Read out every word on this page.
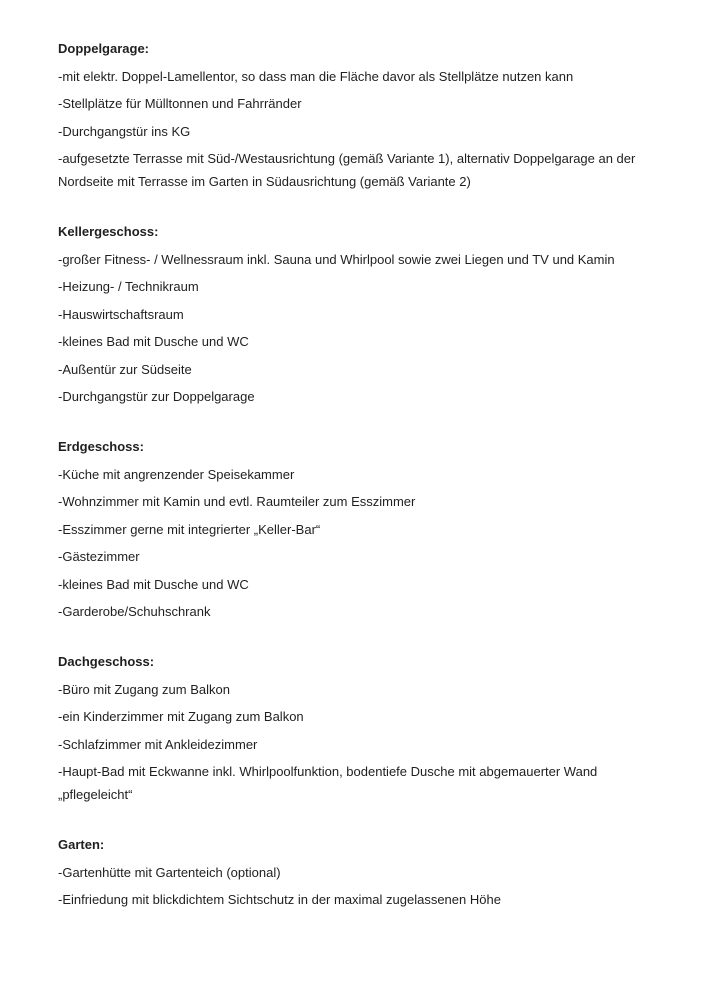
Doppelgarage:

-mit elektr. Doppel-Lamellentor, so dass man die Fläche davor als Stellplätze nutzen kann

-Stellplätze für Mülltonnen und Fahrränder

-Durchgangstür ins KG

-aufgesetzte Terrasse mit Süd-/Westausrichtung (gemäß Variante 1), alternativ Doppelgarage an der Nordseite mit Terrasse im Garten in Südausrichtung (gemäß Variante 2)

Kellergeschoss:

-großer Fitness- / Wellnessraum inkl. Sauna und Whirlpool sowie zwei Liegen und TV und Kamin

-Heizung- / Technikraum

-Hauswirtschaftsraum

-kleines Bad mit Dusche und WC

-Außentür zur Südseite

-Durchgangstür zur Doppelgarage

Erdgeschoss:

-Küche mit angrenzender Speisekammer

-Wohnzimmer mit Kamin und evtl. Raumteiler zum Esszimmer

-Esszimmer gerne mit integrierter „Keller-Bar“

-Gästezimmer

-kleines Bad mit Dusche und WC

-Garderobe/Schuhschrank

Dachgeschoss:

-Büro mit Zugang zum Balkon

-ein Kinderzimmer mit Zugang zum Balkon

-Schlafzimmer mit Ankleidezimmer

-Haupt-Bad mit Eckwanne inkl. Whirlpoolfunktion, bodentiefe Dusche mit abgemauerter Wand „pflegeleicht“

Garten:

-Gartenhütte mit Gartenteich (optional)

-Einfriedung mit blickdichtem Sichtschutz in der maximal zugelassenen Höhe
